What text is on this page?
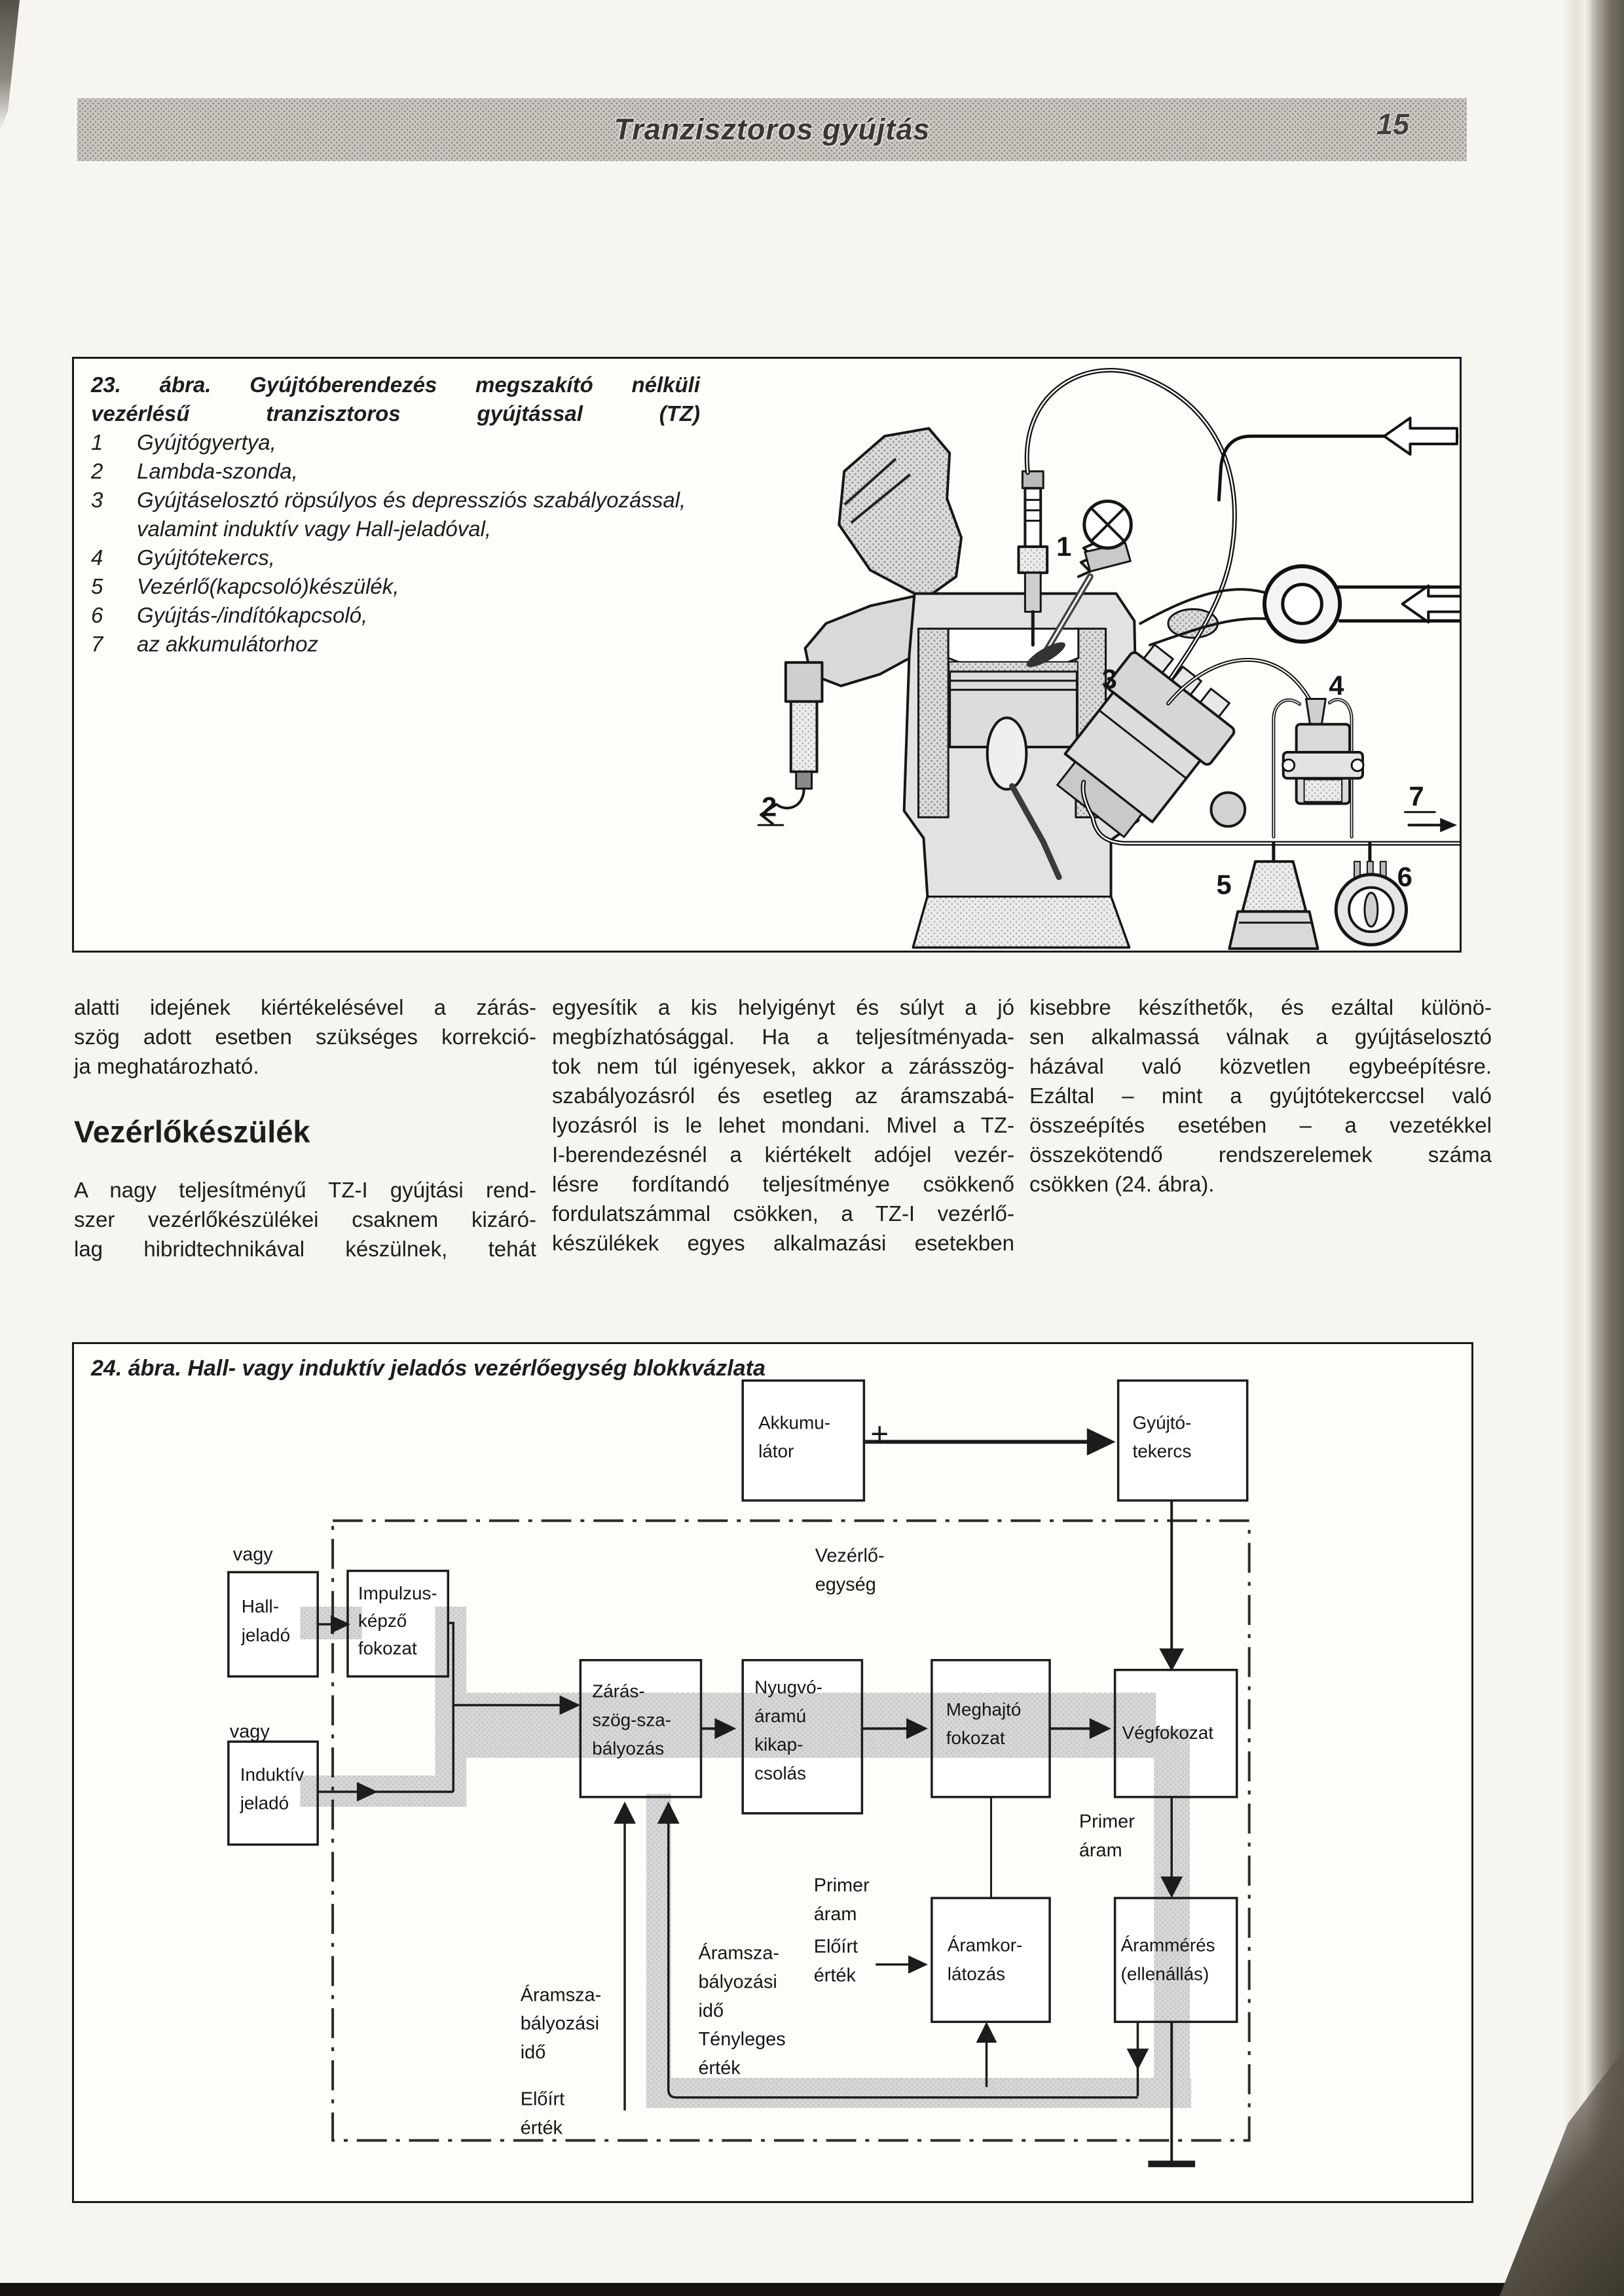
Tranzisztoros gyújtás	15
23. ábra. Gyújtóberendezés megszakító nélküli
vezérlésű tranzisztoros gyújtással (TZ)
1	Gyújtógyertya,
2	Lambda-szonda,
3	Gyújtáselosztó röpsúlyos és depressziós szabályozással, valamint induktív vagy Hall-jeladóval,
4	Gyújtótekercs,
5	Vezérlő(kapcsoló)készülék,
6	Gyújtás-/indítókapcsoló,
7	az akkumulátorhoz
1
2
3	4
5	6
7
alatti idejének kiértékelésével a zárás-
szög adott esetben szükséges korrekció-
ja meghatározható.
Vezérlőkészülék
A nagy teljesítményű TZ-I gyújtási rend-
szer vezérlőkészülékei csaknem kizáró-
lag hibridtechnikával készülnek, tehát
egyesítik a kis helyigényt és súlyt a jó
megbízhatósággal. Ha a teljesítményada-
tok nem túl igényesek, akkor a zárásszög-
szabályozásról és esetleg az áramszabá-
lyozásról is le lehet mondani. Mivel a TZ-
I-berendezésnél a kiértékelt adójel vezér-
lésre fordítandó teljesítménye csökkenő
fordulatszámmal csökken, a TZ-I vezérlő-
készülékek egyes alkalmazási esetekben
kisebbre készíthetők, és ezáltal különö-
sen alkalmassá válnak a gyújtáselosztó
házával való közvetlen egybeépítésre.
Ezáltal – mint a gyújtótekerccsel való
összeépítés esetében – a vezetékkel
összekötendő rendszerelemek száma
csökken (24. ábra).
24. ábra. Hall- vagy induktív jeladós vezérlőegység blokkvázlata
Akkumu-látor
Gyújtó-tekercs
Hall-jeladó
Induktív jeladó
Impulzus-képző fokozat
Zárás-szög-sza-bályozás
Nyugvó-áramú kikap-csolás
Meghajtó fokozat	Végfokozat
Áramkor-látozás
Árammérés (ellenállás)
vagy
vagy
Vezérlő-egység
Primer áram
Primer áram
Előírt érték
Áramsza-bályozási idő
Tényleges érték
Áramsza-bályozási idő
Előírt érték
+
